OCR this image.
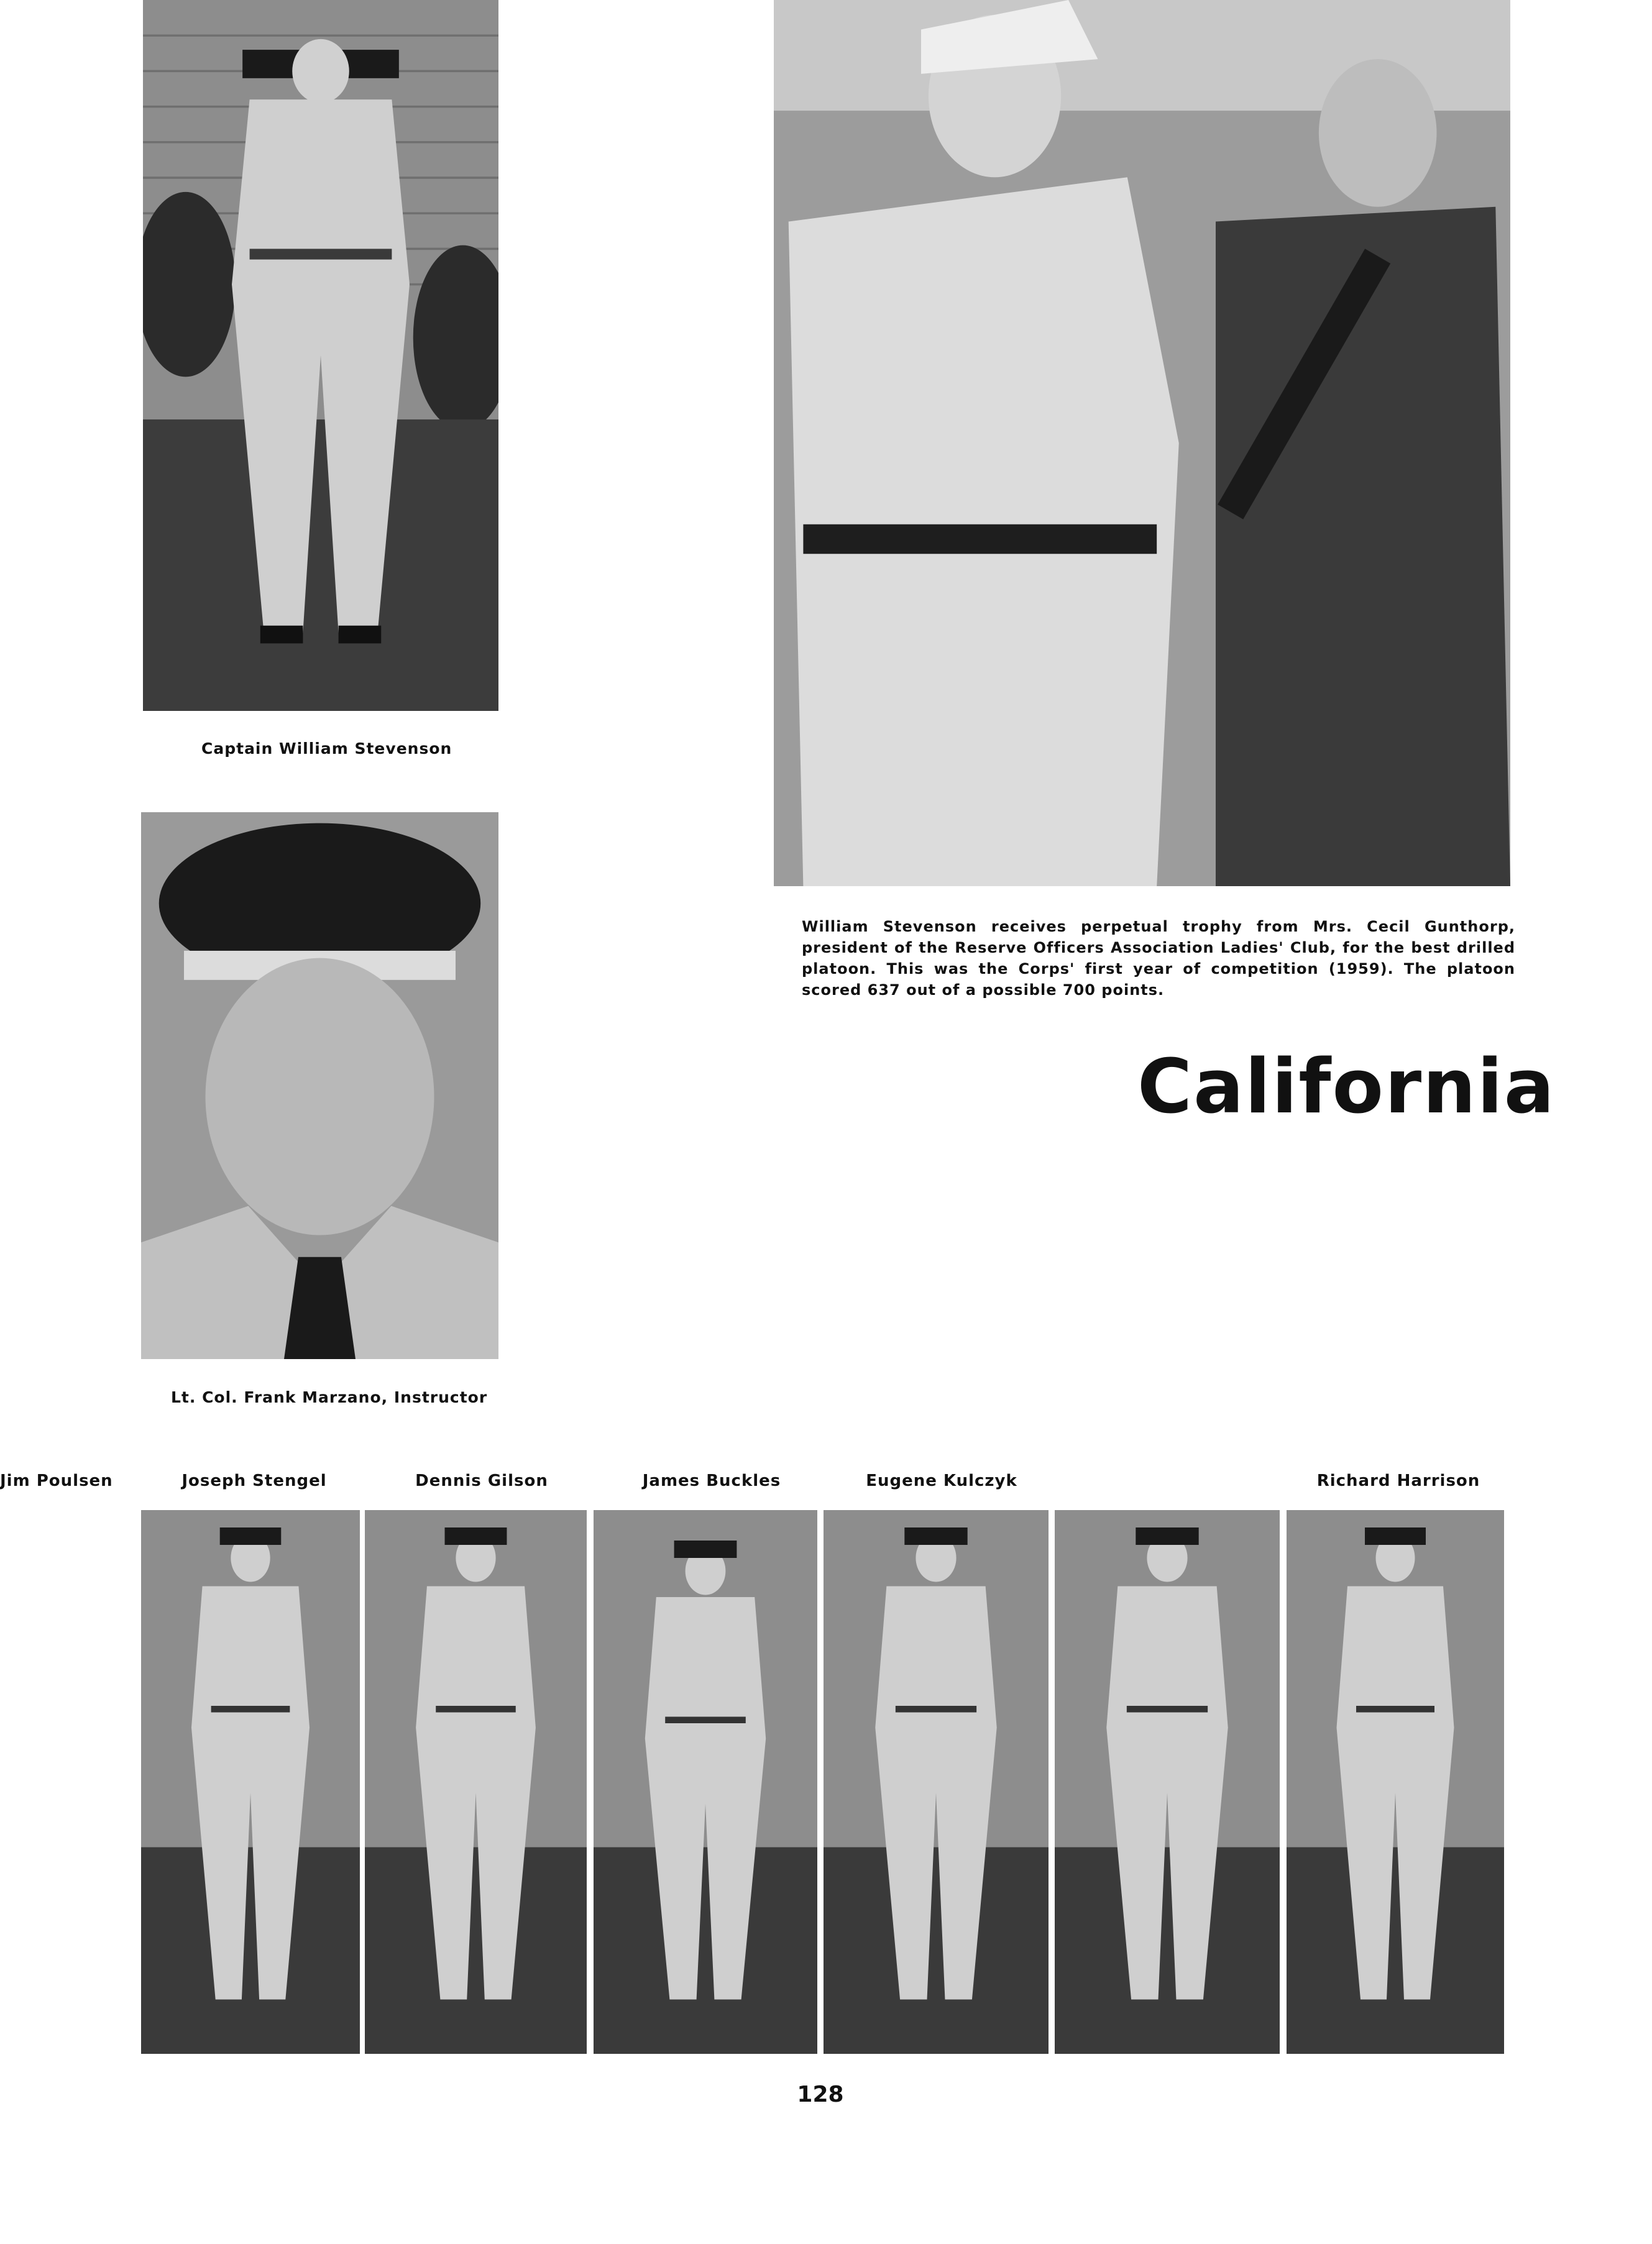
Captain William Stevenson
William Stevenson receives perpetual trophy from Mrs. Cecil Gunthorp, president of the Reserve Officers Association Ladies' Club, for the best drilled platoon. This was the Corps' first year of competition (1959). The platoon scored 637 out of a possible 700 points.
California
Lt. Col. Frank Marzano, Instructor
Joseph Stengel	Dennis Gilson	James Buckles	Eugene Kulczyk
Jim Poulsen	Richard Harrison
128
